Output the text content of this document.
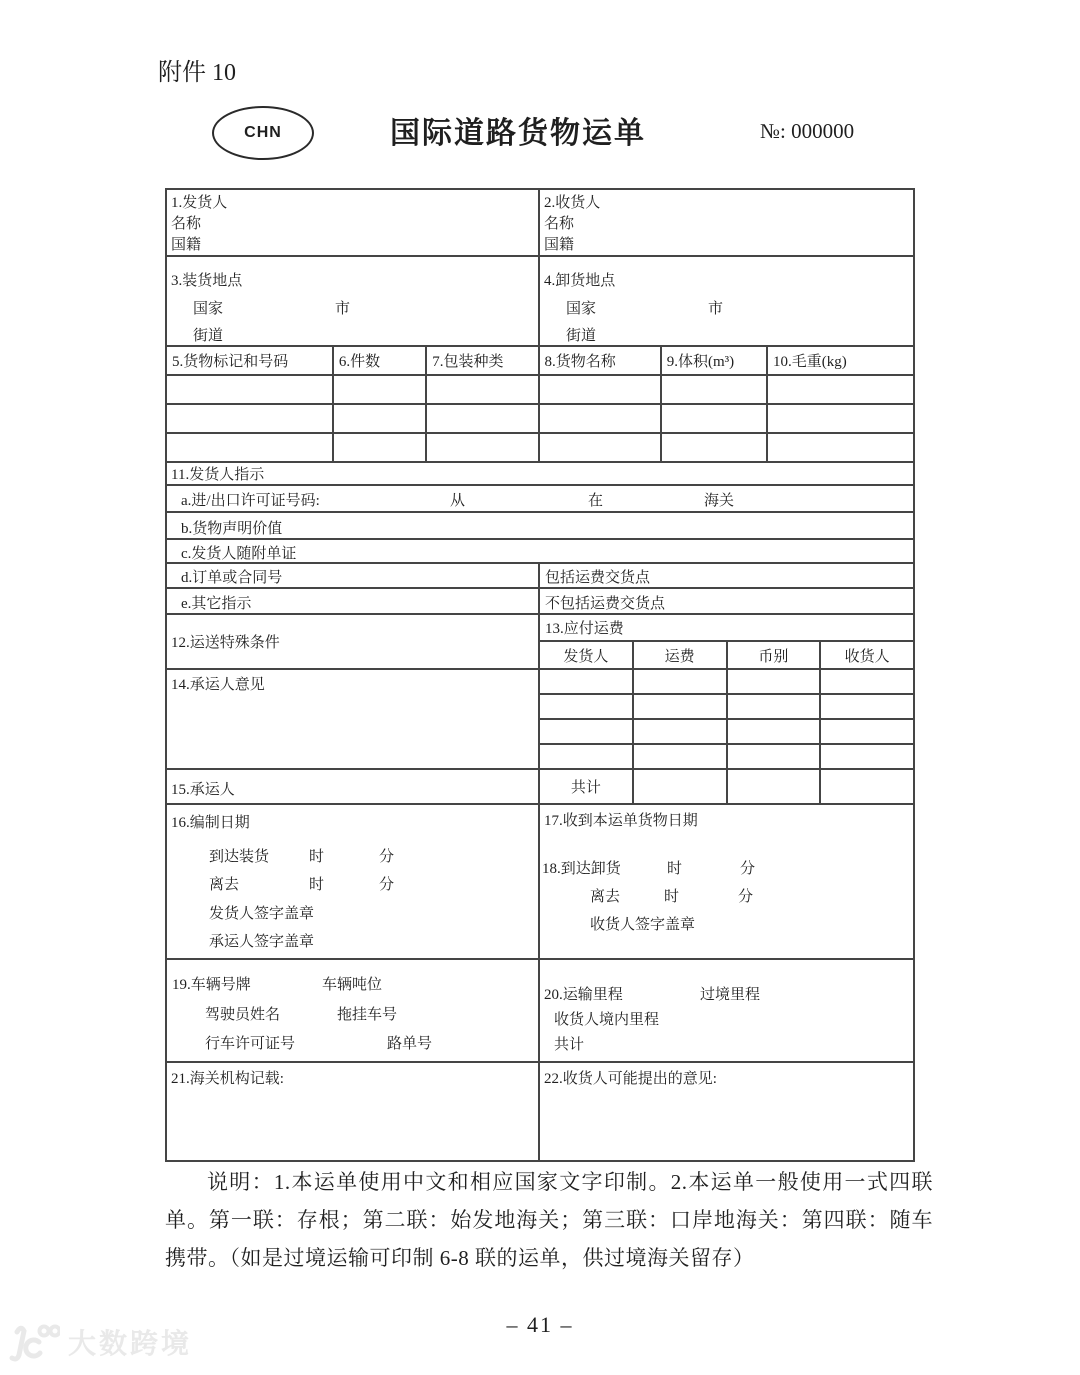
附件 10
CHN	国际道路货物运单	№: 000000
1.发货人
名称
国籍
2.收货人
名称
国籍
3.装货地点
国家	市
街道
4.卸货地点
国家	市
街道
5.货物标记和号码	6.件数	7.包装种类	8.货物名称	9.体积(m³)	10.毛重(kg)
11.发货人指示
a.进/出口许可证号码:	从	在	海关
b.货物声明价值
c.发货人随附单证
d.订单或合同号	包括运费交货点
e.其它指示	不包括运费交货点
12.运送特殊条件
13.应付运费
发货人	运费	币别	收货人
14.承运人意见
15.承运人	共计
16.编制日期
到达装货	时	分
离去	时	分
发货人签字盖章
承运人签字盖章
17.收到本运单货物日期
18.到达卸货	时	分
离去	时	分
收货人签字盖章
19.车辆号牌	车辆吨位
驾驶员姓名	拖挂车号
行车许可证号	路单号
20.运输里程	过境里程
收货人境内里程
共计
21.海关机构记载:	22.收货人可能提出的意见:
说明：1.本运单使用中文和相应国家文字印制。2.本运单一般使用一式四联单。第一联：存根；第二联：始发地海关；第三联：口岸地海关：第四联：随车携带。（如是过境运输可印制 6-8 联的运单，供过境海关留存）
– 41 –
大数跨境
